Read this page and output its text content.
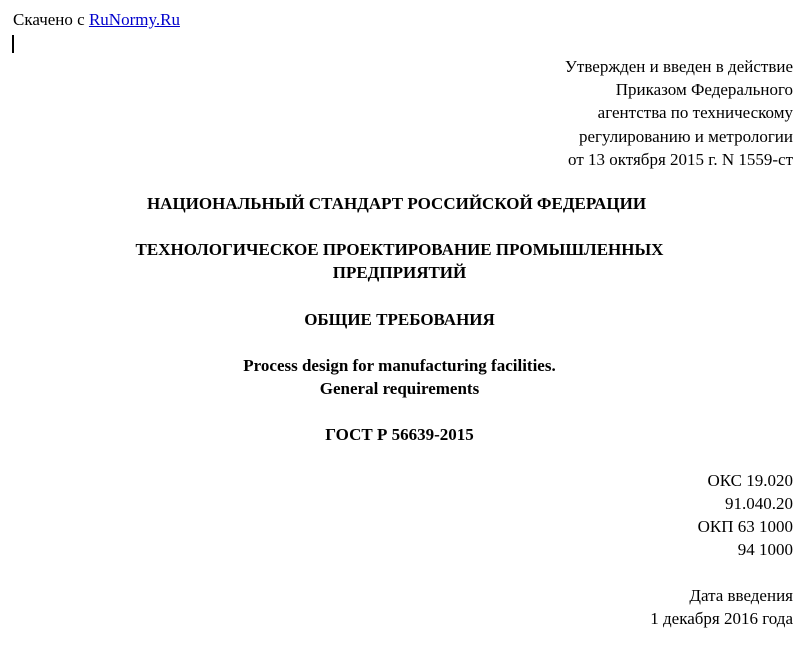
Скачено с RuNormy.Ru
Утвержден и введен в действие
Приказом Федерального
агентства по техническому
регулированию и метрологии
от 13 октября 2015 г. N 1559-ст
НАЦИОНАЛЬНЫЙ СТАНДАРТ РОССИЙСКОЙ ФЕДЕРАЦИИ
ТЕХНОЛОГИЧЕСКОЕ ПРОЕКТИРОВАНИЕ ПРОМЫШЛЕННЫХ
ПРЕДПРИЯТИЙ
ОБЩИЕ ТРЕБОВАНИЯ
Process design for manufacturing facilities.
General requirements
ГОСТ Р 56639-2015
ОКС 19.020
91.040.20
ОКП 63 1000
94 1000
Дата введения
1 декабря 2016 года
